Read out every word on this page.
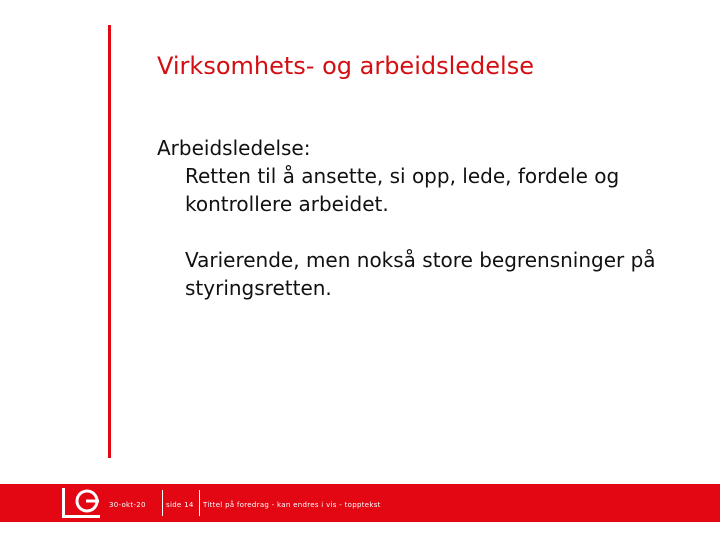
Virksomhets- og arbeidsledelse

Arbeidsledelse:

Retten til å ansette, si opp, lede, fordele og kontrollere arbeidet.

Varierende, men nokså store begrensninger på styringsretten.

30-okt-20	side 14 Tittel på foredrag - kan endres i vis - topptekst
